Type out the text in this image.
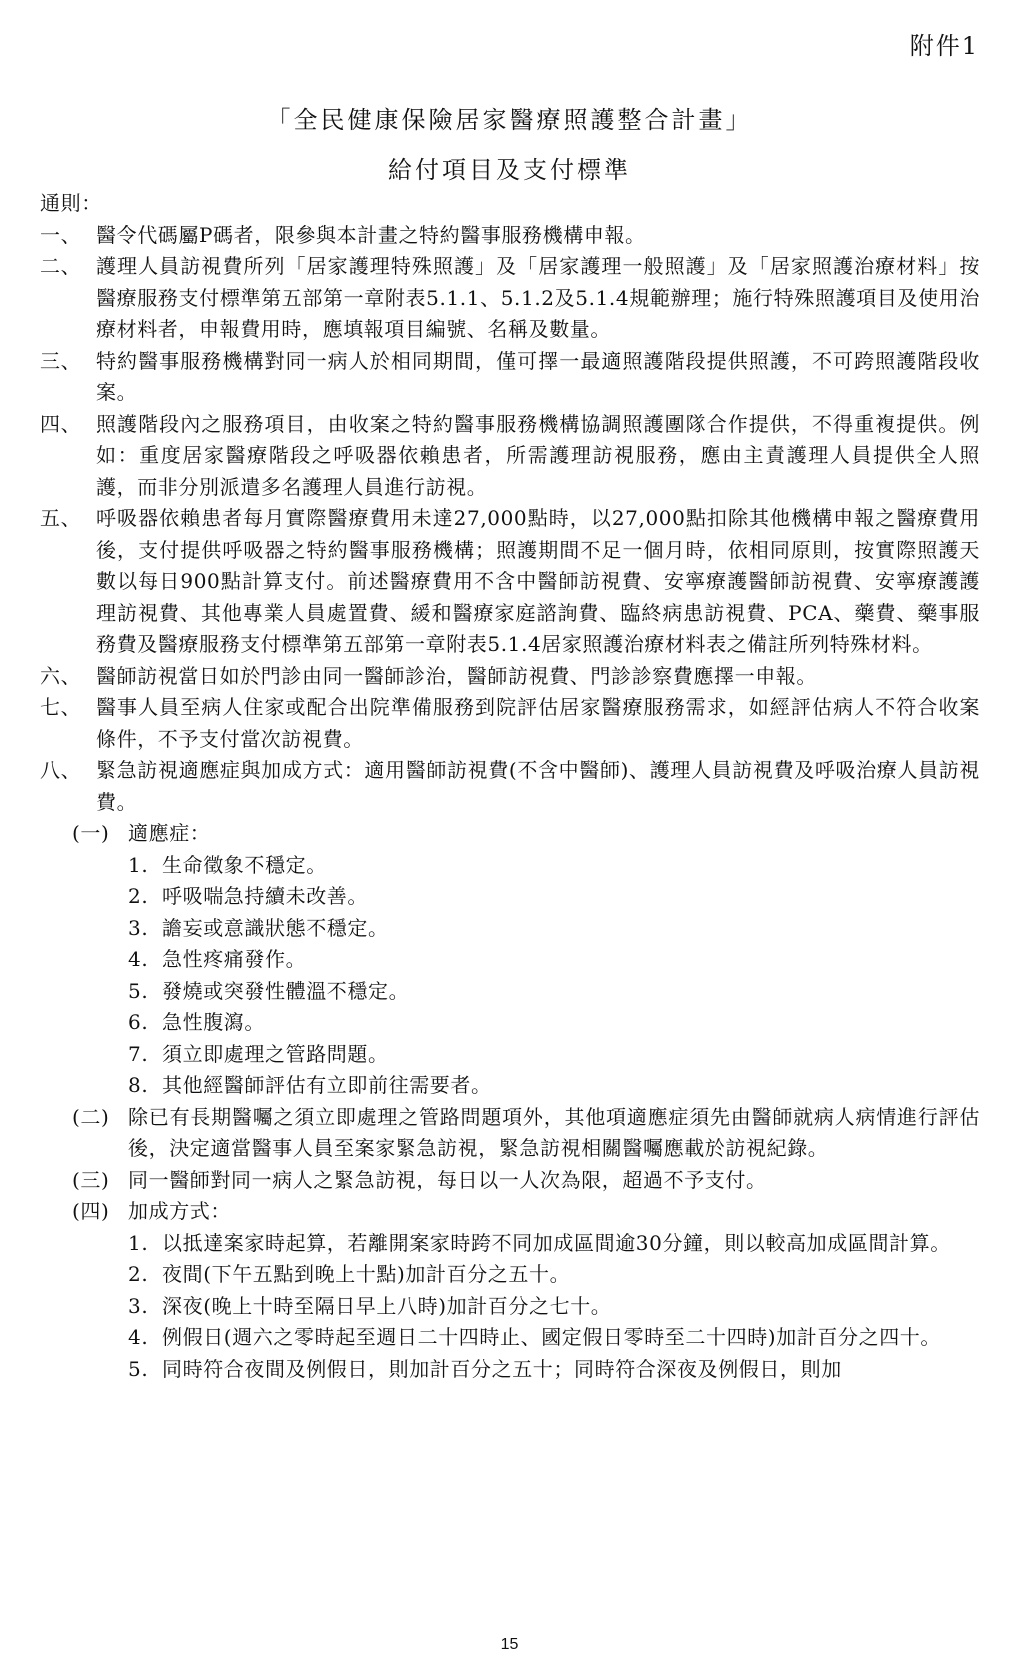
附件1
「全民健康保險居家醫療照護整合計畫」
給付項目及支付標準

通則：

一、 醫令代碼屬P碼者，限參與本計畫之特約醫事服務機構申報。
二、 護理人員訪視費所列「居家護理特殊照護」及「居家護理一般照護」及「居家照護治療材料」按醫療服務支付標準第五部第一章附表5.1.1、5.1.2及5.1.4規範辦理；施行特殊照護項目及使用治療材料者，申報費用時，應填報項目編號、名稱及數量。
三、 特約醫事服務機構對同一病人於相同期間，僅可擇一最適照護階段提供照護，不可跨照護階段收案。
四、 照護階段內之服務項目，由收案之特約醫事服務機構協調照護團隊合作提供，不得重複提供。例如：重度居家醫療階段之呼吸器依賴患者，所需護理訪視服務，應由主責護理人員提供全人照護，而非分別派遣多名護理人員進行訪視。
五、 呼吸器依賴患者每月實際醫療費用未達27,000點時，以27,000點扣除其他機構申報之醫療費用後，支付提供呼吸器之特約醫事服務機構；照護期間不足一個月時，依相同原則，按實際照護天數以每日900點計算支付。前述醫療費用不含中醫師訪視費、安寧療護醫師訪視費、安寧療護護理訪視費、其他專業人員處置費、緩和醫療家庭諮詢費、臨終病患訪視費、PCA、藥費、藥事服務費及醫療服務支付標準第五部第一章附表5.1.4居家照護治療材料表之備註所列特殊材料。
六、 醫師訪視當日如於門診由同一醫師診治，醫師訪視費、門診診察費應擇一申報。
七、 醫事人員至病人住家或配合出院準備服務到院評估居家醫療服務需求，如經評估病人不符合收案條件，不予支付當次訪視費。
八、 緊急訪視適應症與加成方式：適用醫師訪視費(不含中醫師)、護理人員訪視費及呼吸治療人員訪視費。
(一) 適應症：
1. 生命徵象不穩定。
2. 呼吸喘急持續未改善。
3. 譫妄或意識狀態不穩定。
4. 急性疼痛發作。
5. 發燒或突發性體溫不穩定。
6. 急性腹瀉。
7. 須立即處理之管路問題。
8. 其他經醫師評估有立即前往需要者。
(二) 除已有長期醫囑之須立即處理之管路問題項外，其他項適應症須先由醫師就病人病情進行評估後，決定適當醫事人員至案家緊急訪視，緊急訪視相關醫囑應載於訪視紀錄。
(三) 同一醫師對同一病人之緊急訪視，每日以一人次為限，超過不予支付。
(四) 加成方式：
1. 以抵達案家時起算，若離開案家時跨不同加成區間逾30分鐘，則以較高加成區間計算。
2. 夜間(下午五點到晚上十點)加計百分之五十。
3. 深夜(晚上十時至隔日早上八時)加計百分之七十。
4. 例假日(週六之零時起至週日二十四時止、國定假日零時至二十四時)加計百分之四十。
5. 同時符合夜間及例假日，則加計百分之五十；同時符合深夜及例假日，則加
15
